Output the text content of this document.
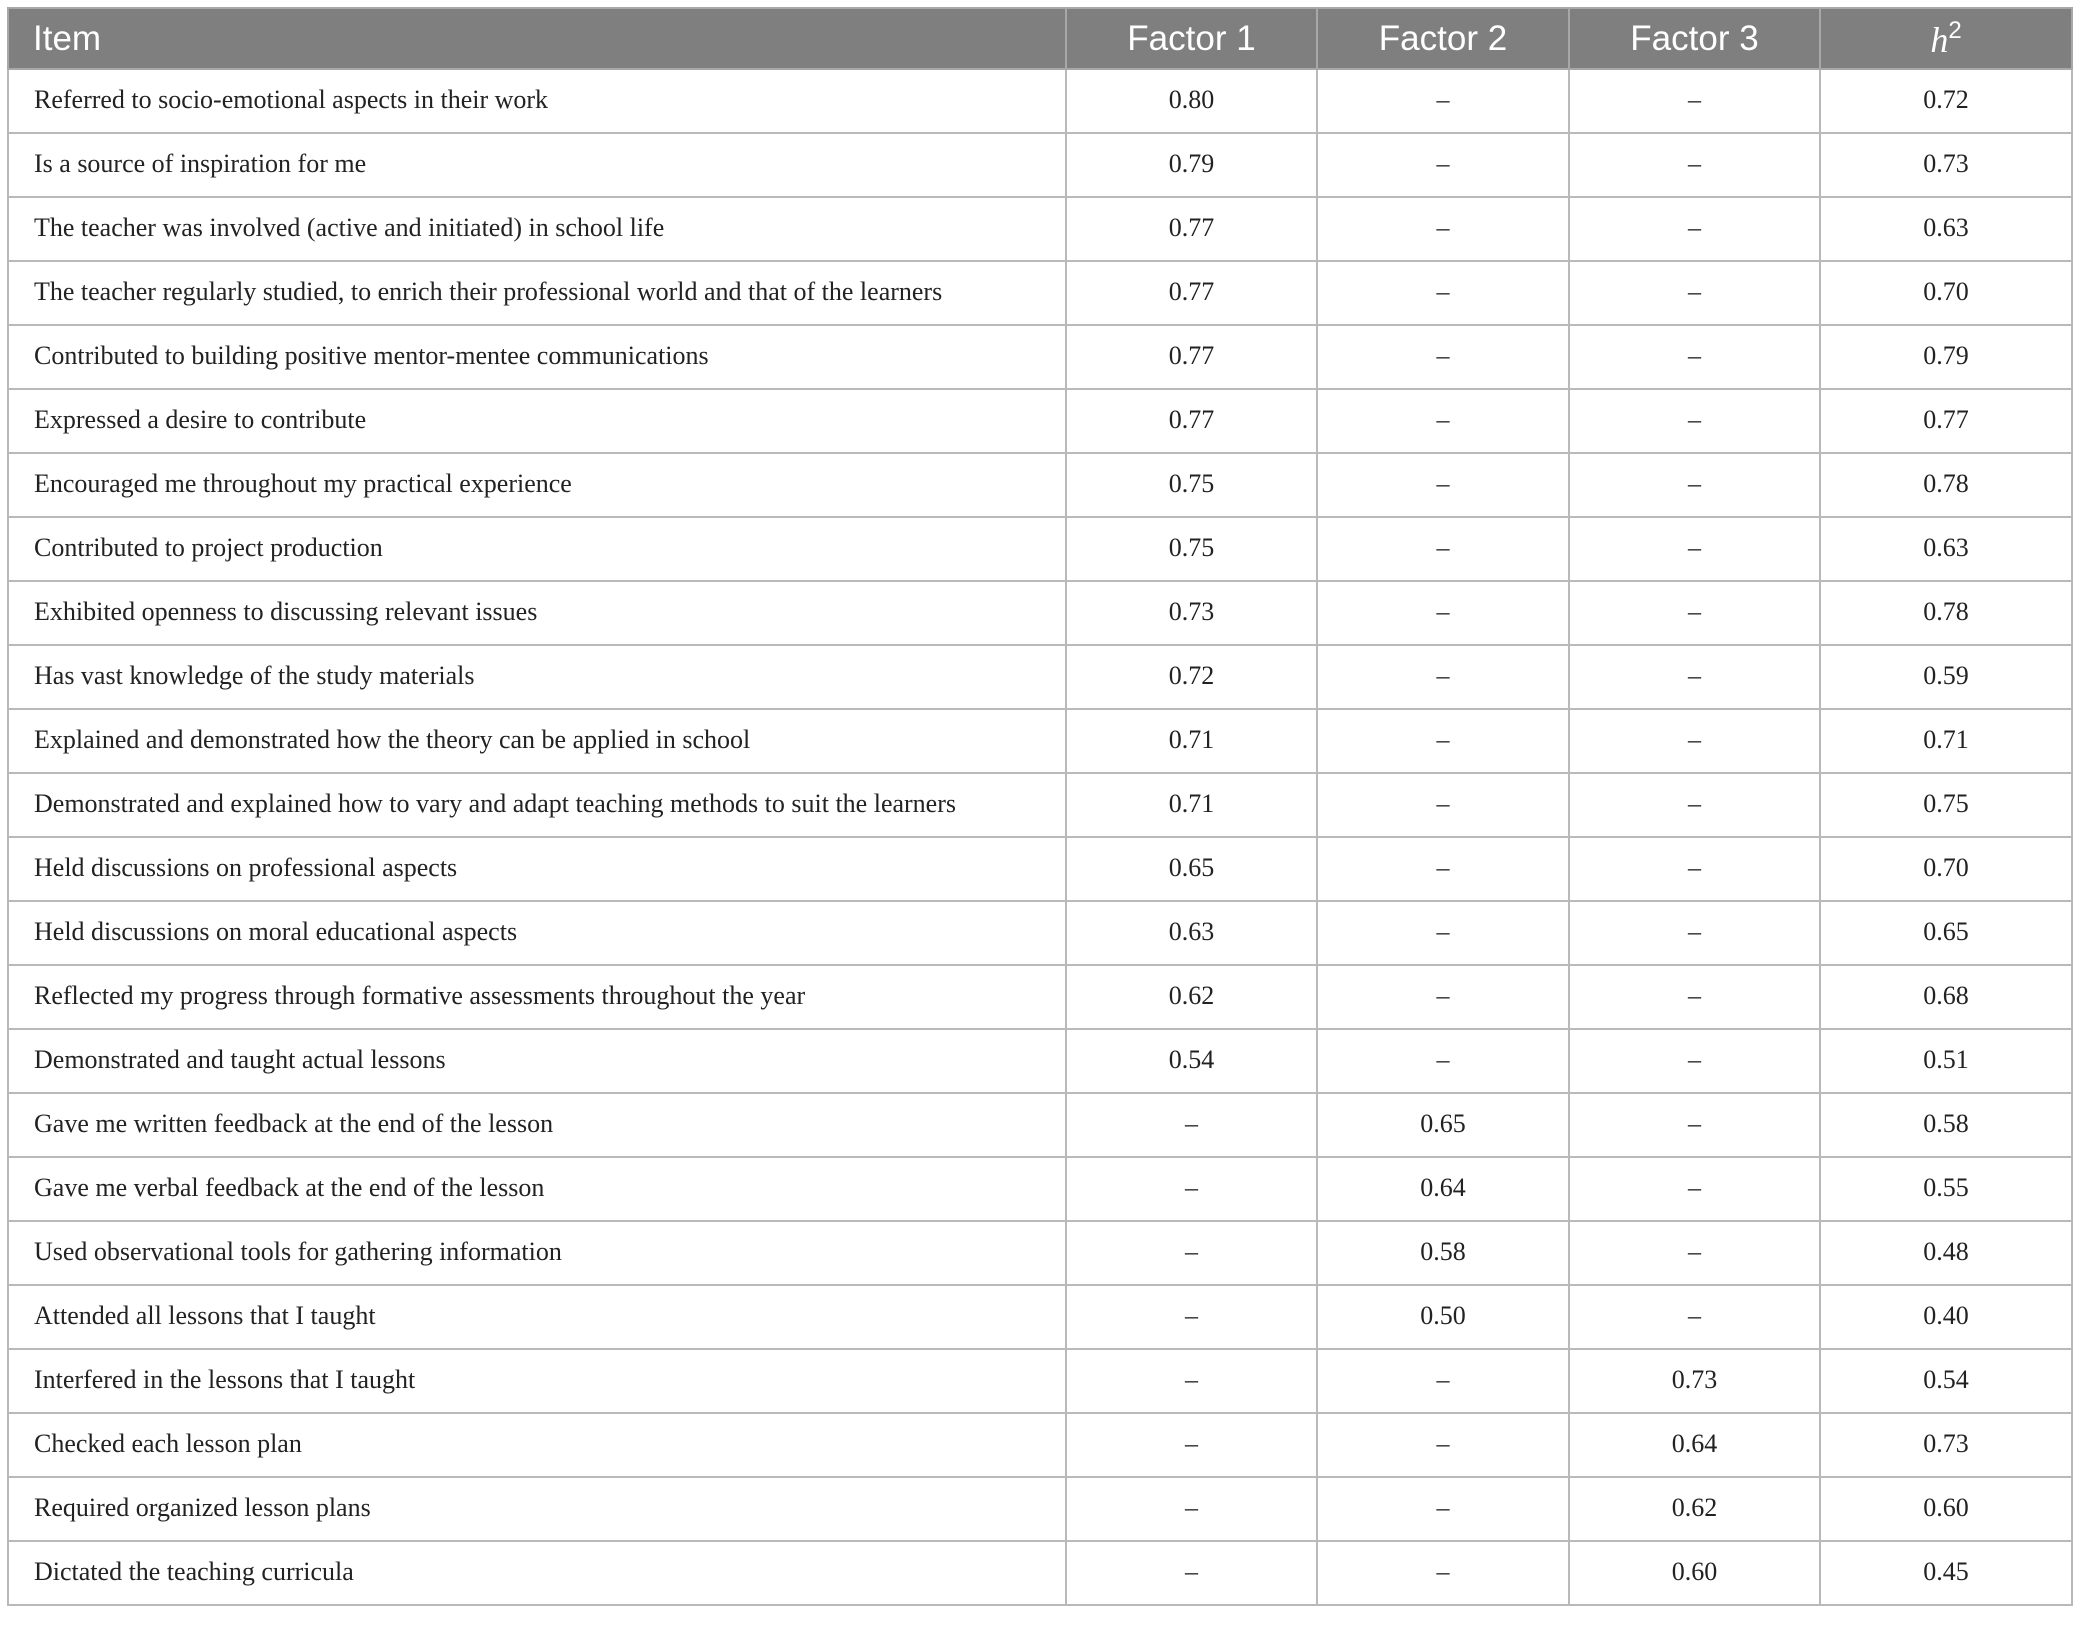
Item	Factor 1	Factor 2	Factor 3	$h^2$
Referred to socio-emotional aspects in their work	0.80	–	–	0.72
Is a source of inspiration for me	0.79	–	–	0.73
The teacher was involved (active and initiated) in school life	0.77	–	–	0.63
The teacher regularly studied, to enrich their professional world and that of the learners	0.77	–	–	0.70
Contributed to building positive mentor-mentee communications	0.77	–	–	0.79
Expressed a desire to contribute	0.77	–	–	0.77
Encouraged me throughout my practical experience	0.75	–	–	0.78
Contributed to project production	0.75	–	–	0.63
Exhibited openness to discussing relevant issues	0.73	–	–	0.78
Has vast knowledge of the study materials	0.72	–	–	0.59
Explained and demonstrated how the theory can be applied in school	0.71	–	–	0.71
Demonstrated and explained how to vary and adapt teaching methods to suit the learners	0.71	–	–	0.75
Held discussions on professional aspects	0.65	–	–	0.70
Held discussions on moral educational aspects	0.63	–	–	0.65
Reflected my progress through formative assessments throughout the year	0.62	–	–	0.68
Demonstrated and taught actual lessons	0.54	–	–	0.51
Gave me written feedback at the end of the lesson	–	0.65	–	0.58
Gave me verbal feedback at the end of the lesson	–	0.64	–	0.55
Used observational tools for gathering information	–	0.58	–	0.48
Attended all lessons that I taught	–	0.50	–	0.40
Interfered in the lessons that I taught	–	–	0.73	0.54
Checked each lesson plan	–	–	0.64	0.73
Required organized lesson plans	–	–	0.62	0.60
Dictated the teaching curricula	–	–	0.60	0.45
